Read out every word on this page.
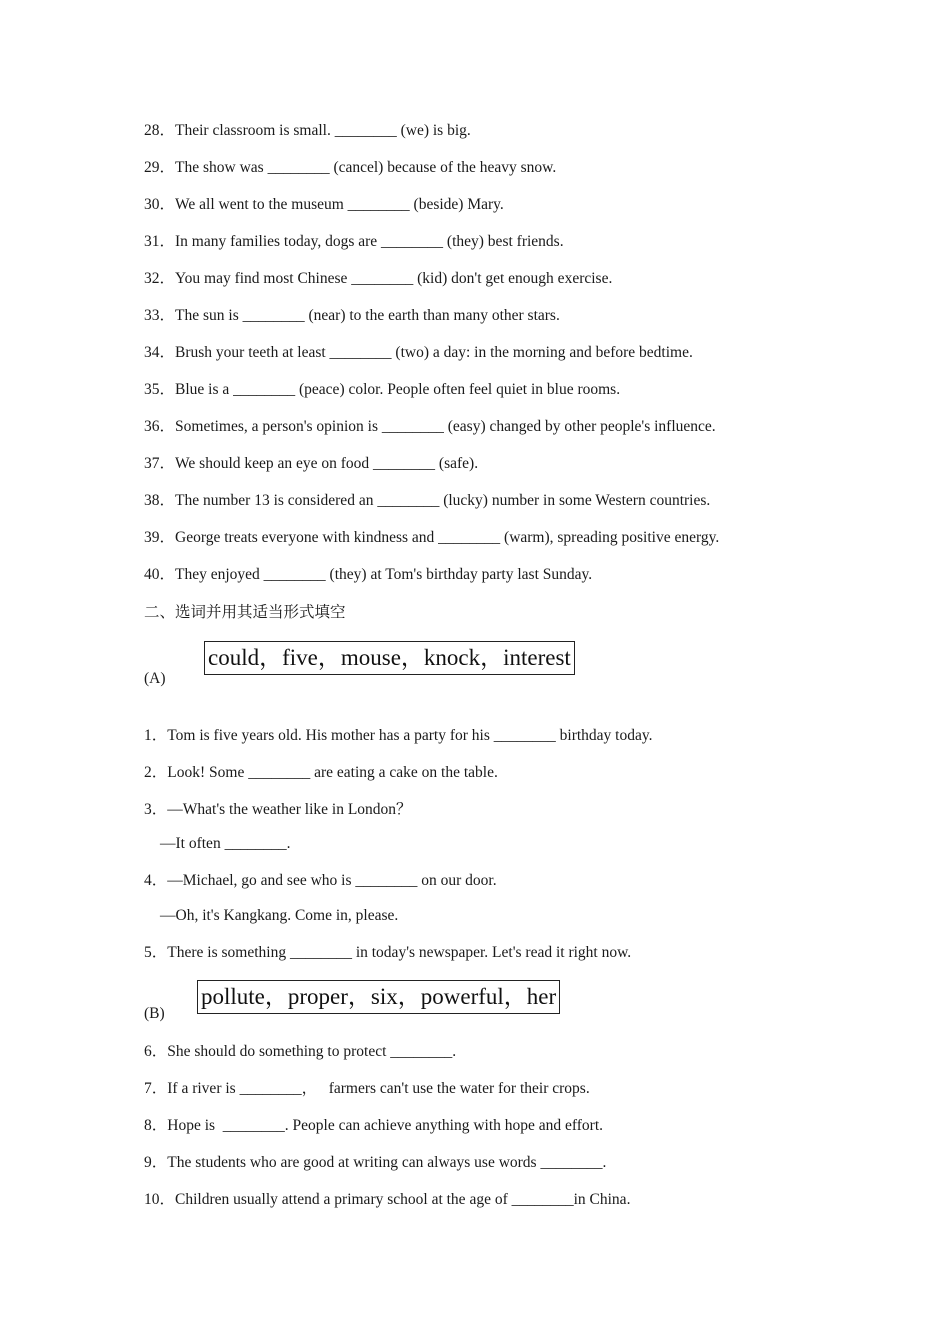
28．Their classroom is small. ________ (we) is big.
29．The show was ________ (cancel) because of the heavy snow.
30．We all went to the museum ________ (beside) Mary.
31．In many families today, dogs are ________ (they) best friends.
32．You may find most Chinese ________ (kid) don't get enough exercise.
33．The sun is ________ (near) to the earth than many other stars.
34．Brush your teeth at least ________ (two) a day: in the morning and before bedtime.
35．Blue is a ________ (peace) color. People often feel quiet in blue rooms.
36．Sometimes, a person's opinion is ________ (easy) changed by other people's influence.
37．We should keep an eye on food ________ (safe).
38．The number 13 is considered an ________ (lucky) number in some Western countries.
39．George treats everyone with kindness and ________ (warm), spreading positive energy.
40．They enjoyed ________ (they) at Tom's birthday party last Sunday.
二、选词并用其适当形式填空
could，five，mouse，knock，interest
(A)
1．Tom is five years old. His mother has a party for his ________ birthday today.
2．Look! Some ________ are eating a cake on the table.
3．—What's the weather like in London？
—It often ________.
4．—Michael, go and see who is ________ on our door.
—Oh, it's Kangkang. Come in, please.
5．There is something ________ in today's newspaper. Let's read it right now.
pollute，proper，six，powerful，her
(B)
6．She should do something to protect ________.
7．If a river is ________，   farmers can't use the water for their crops.
8．Hope is  ________. People can achieve anything with hope and effort.
9．The students who are good at writing can always use words ________.
10．Children usually attend a primary school at the age of ________in China.
